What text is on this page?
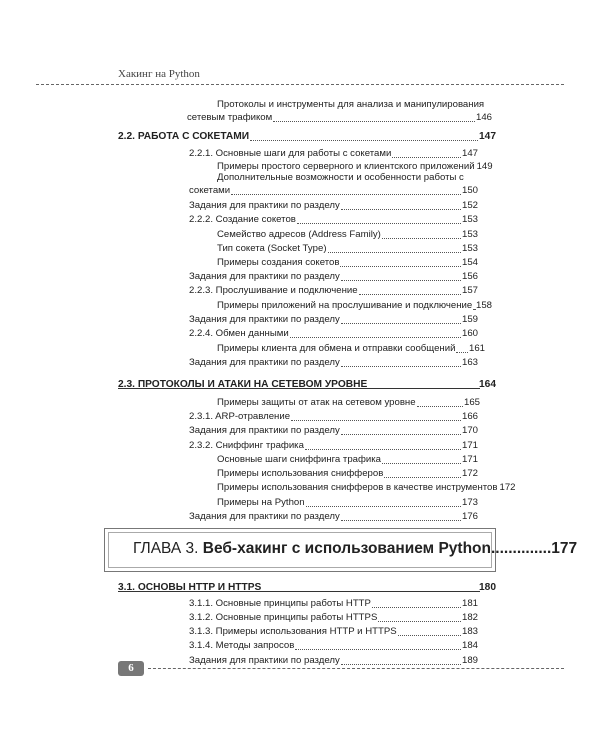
Хакинг на Python
Протоколы и инструменты для анализа и манипулирования
сетевым трафиком	146
2.2. РАБОТА С СОКЕТАМИ	147
2.2.1. Основные шаги для работы с сокетами	147
Примеры простого серверного и клиентского приложений 149
Дополнительные возможности и особенности работы с
сокетами	150
Задания для практики по разделу	152
2.2.2. Создание сокетов	153
Семейство адресов (Address Family)	153
Тип сокета (Socket Type)	153
Примеры создания сокетов	154
Задания для практики по разделу	156
2.2.3. Прослушивание и подключение	157
Примеры приложений на прослушивание и подключение 158
Задания для практики по разделу	159
2.2.4. Обмен данными	160
Примеры клиента для обмена и отправки сообщений 161
Задания для практики по разделу	163
2.3. ПРОТОКОЛЫ И АТАКИ НА СЕТЕВОМ УРОВНЕ	164
Примеры защиты от атак на сетевом уровне	165
2.3.1. ARP-отравление	166
Задания для практики по разделу	170
2.3.2. Сниффинг трафика	171
Основные шаги сниффинга трафика	171
Примеры использования снифферов	172
Примеры использования снифферов в качестве инструментов 172
Примеры на Python	173
Задания для практики по разделу	176
3.1. ОСНОВЫ HTTP И HTTPS	180
3.1.1. Основные принципы работы HTTP	181
3.1.2. Основные принципы работы HTTPS	182
3.1.3. Примеры использования HTTP и HTTPS	183
3.1.4. Методы запросов	184
Задания для практики по разделу	189
ГЛАВА 3. Веб-хакинг с использованием Python..............177
6
